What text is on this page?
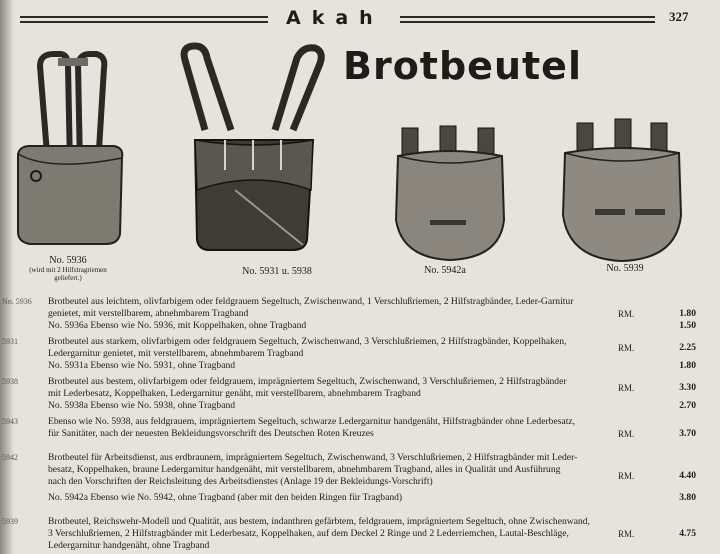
Akah	327
Brotbeutel
No. 5936
(wird mit 2 Hilfstragriemen geliefert.)
No. 5931 u. 5938	No. 5942a	No. 5939
No. 5936	Brotbeutel aus leichtem, olivfarbigem oder feldgrauem Segeltuch, Zwischenwand, 1 Verschlußriemen, 2 Hilfstragbänder, Leder-Garnitur
genietet, mit verstellbarem, abnehmbarem Tragband	RM.	1.80
No. 5936a Ebenso wie No. 5936, mit Koppelhaken, ohne Tragband	1.50
5931	Brotbeutel aus starkem, olivfarbigem oder feldgrauem Segeltuch, Zwischenwand, 3 Verschlußriemen, 2 Hilfstragbänder, Koppelhaken,
Ledergarnitur genietet, mit verstellbarem, abnehmbarem Tragband	RM.	2.25
No. 5931a Ebenso wie No. 5931, ohne Tragband	1.80
5938	Brotbeutel aus bestem, olivfarbigem oder feldgrauem, imprägniertem Segeltuch, Zwischenwand, 3 Verschlußriemen, 2 Hilfstragbänder
mit Lederbesatz, Koppelhaken, Ledergarnitur genäht, mit verstellbarem, abnehmbarem Tragband	RM.	3.30
No. 5938a Ebenso wie No. 5938, ohne Tragband	2.70
5943	Ebenso wie No. 5938, aus feldgrauem, imprägniertem Segeltuch, schwarze Ledergarnitur handgenäht, Hilfstragbänder ohne Lederbesatz,
für Sanitäter, nach der neuesten Bekleidungsvorschrift des Deutschen Roten Kreuzes	RM.	3.70
5942	Brotbeutel für Arbeitsdienst, aus erdbraunem, imprägniertem Segeltuch, Zwischenwand, 3 Verschlußriemen, 2 Hilfstragbänder mit Leder-
besatz, Koppelhaken, braune Ledergarnitur handgenäht, mit verstellbarem, abnehmbarem Tragband, alles in Qualität und Ausführung
nach den Vorschriften der Reichsleitung des Arbeitsdienstes (Anlage 19 der Bekleidungs-Vorschrift)	RM.	4.40
No. 5942a Ebenso wie No. 5942, ohne Tragband (aber mit den beiden Ringen für Tragband)	3.80
5939	Brotbeutel, Reichswehr-Modell und Qualität, aus bestem, indanthren gefärbtem, feldgrauem, imprägniertem Segeltuch, ohne Zwischenwand,
3 Verschlußriemen, 2 Hilfstragbänder mit Lederbesatz, Koppelhaken, auf dem Deckel 2 Ringe und 2 Lederriemchen, Lautal-Beschläge,
Ledergarnitur handgenäht, ohne Tragband
RM.	4.75
